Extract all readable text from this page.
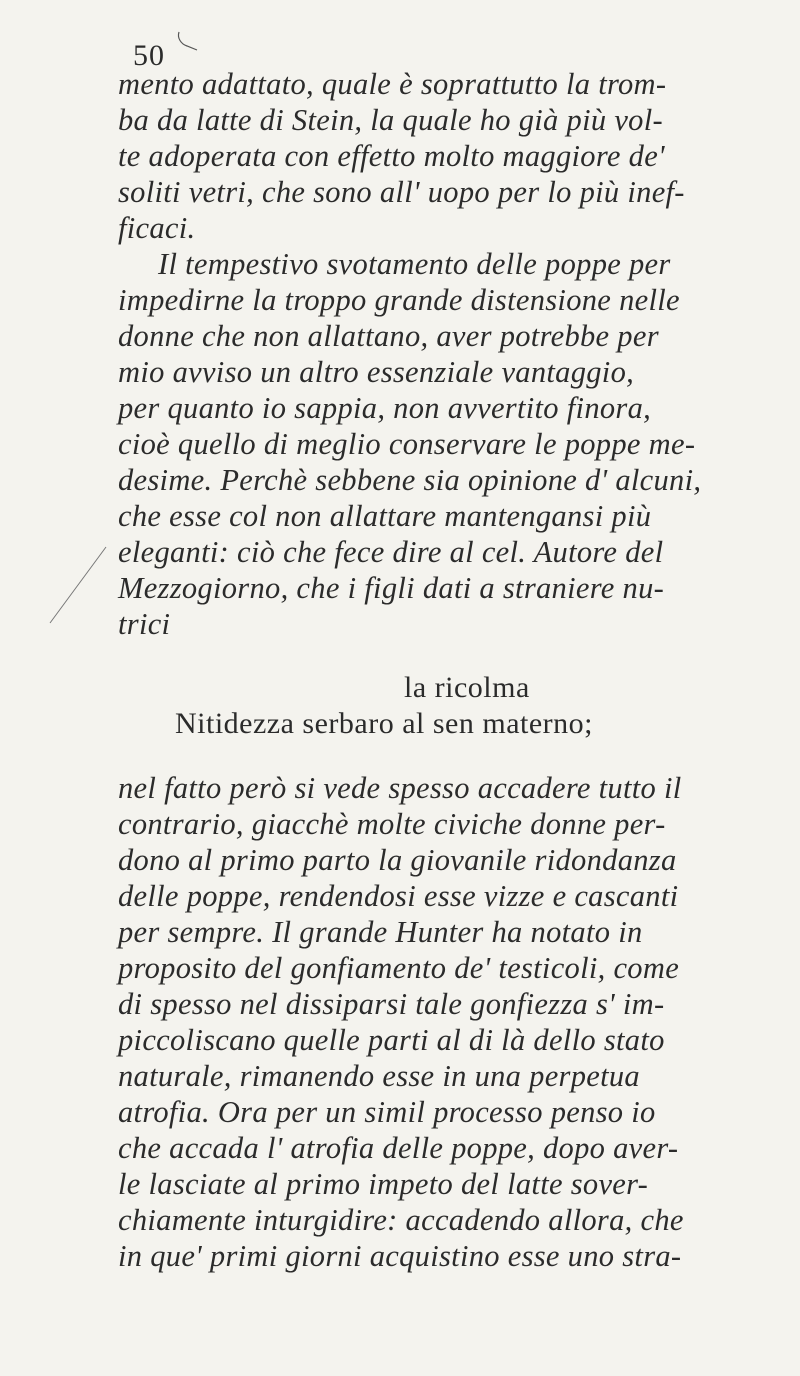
50
mento adattato, quale è soprattutto la trom-
ba da latte di Stein, la quale ho già più vol-
te adoperata con effetto molto maggiore de'
soliti vetri, che sono all' uopo per lo più inef-
ficaci.
Il tempestivo svotamento delle poppe per
impedirne la troppo grande distensione nelle
donne che non allattano, aver potrebbe per
mio avviso un altro essenziale vantaggio,
per quanto io sappia, non avvertito finora,
cioè quello di meglio conservare le poppe me-
desime. Perchè sebbene sia opinione d' alcuni,
che esse col non allattare mantengansi più
eleganti: ciò che fece dire al cel. Autore del
Mezzogiorno, che i figli dati a straniere nu-
trici
la ricolma
Nitidezza serbaro al sen materno;
nel fatto però si vede spesso accadere tutto il
contrario, giacchè molte civiche donne per-
dono al primo parto la giovanile ridondanza
delle poppe, rendendosi esse vizze e cascanti
per sempre. Il grande Hunter ha notato in
proposito del gonfiamento de' testicoli, come
di spesso nel dissiparsi tale gonfiezza s' im-
piccoliscano quelle parti al di là dello stato
naturale, rimanendo esse in una perpetua
atrofia. Ora per un simil processo penso io
che accada l' atrofia delle poppe, dopo aver-
le lasciate al primo impeto del latte sover-
chiamente inturgidire: accadendo allora, che
in que' primi giorni acquistino esse uno stra-
